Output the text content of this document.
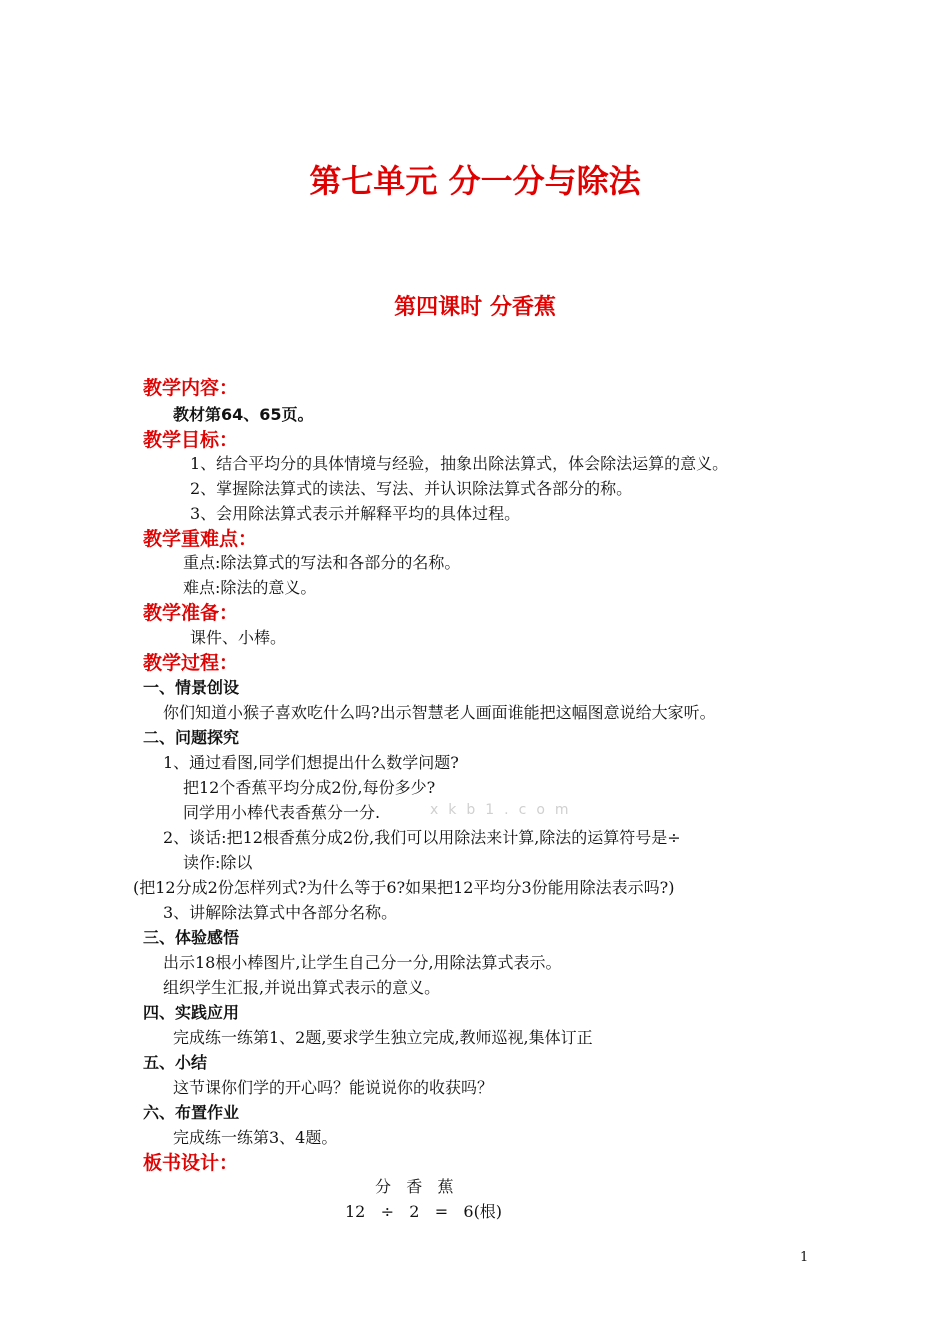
第七单元 分一分与除法
第四课时 分香蕉
教学内容：
教材第64、65页。
教学目标：
1、结合平均分的具体情境与经验，抽象出除法算式，体会除法运算的意义。
2、掌握除法算式的读法、写法、并认识除法算式各部分的称。
3、会用除法算式表示并解释平均的具体过程。
教学重难点：
重点:除法算式的写法和各部分的名称。
难点:除法的意义。
教学准备：
课件、小棒。
教学过程：
一、情景创设
你们知道小猴子喜欢吃什么吗?出示智慧老人画面谁能把这幅图意说给大家听。
二、问题探究
1、通过看图,同学们想提出什么数学问题?
把12个香蕉平均分成2份,每份多少?
同学用小棒代表香蕉分一分.	xkb1.com
2、谈话:把12根香蕉分成2份,我们可以用除法来计算,除法的运算符号是÷
读作:除以
(把12分成2份怎样列式?为什么等于6?如果把12平均分3份能用除法表示吗?)
3、讲解除法算式中各部分名称。
三、体验感悟
出示18根小棒图片,让学生自己分一分,用除法算式表示。
组织学生汇报,并说出算式表示的意义。
四、实践应用
完成练一练第1、2题,要求学生独立完成,教师巡视,集体订正
五、小结
这节课你们学的开心吗？能说说你的收获吗？
六、布置作业
完成练一练第3、4题。
板书设计：
分   香   蕉
12   ÷   2   =   6(根)
1
